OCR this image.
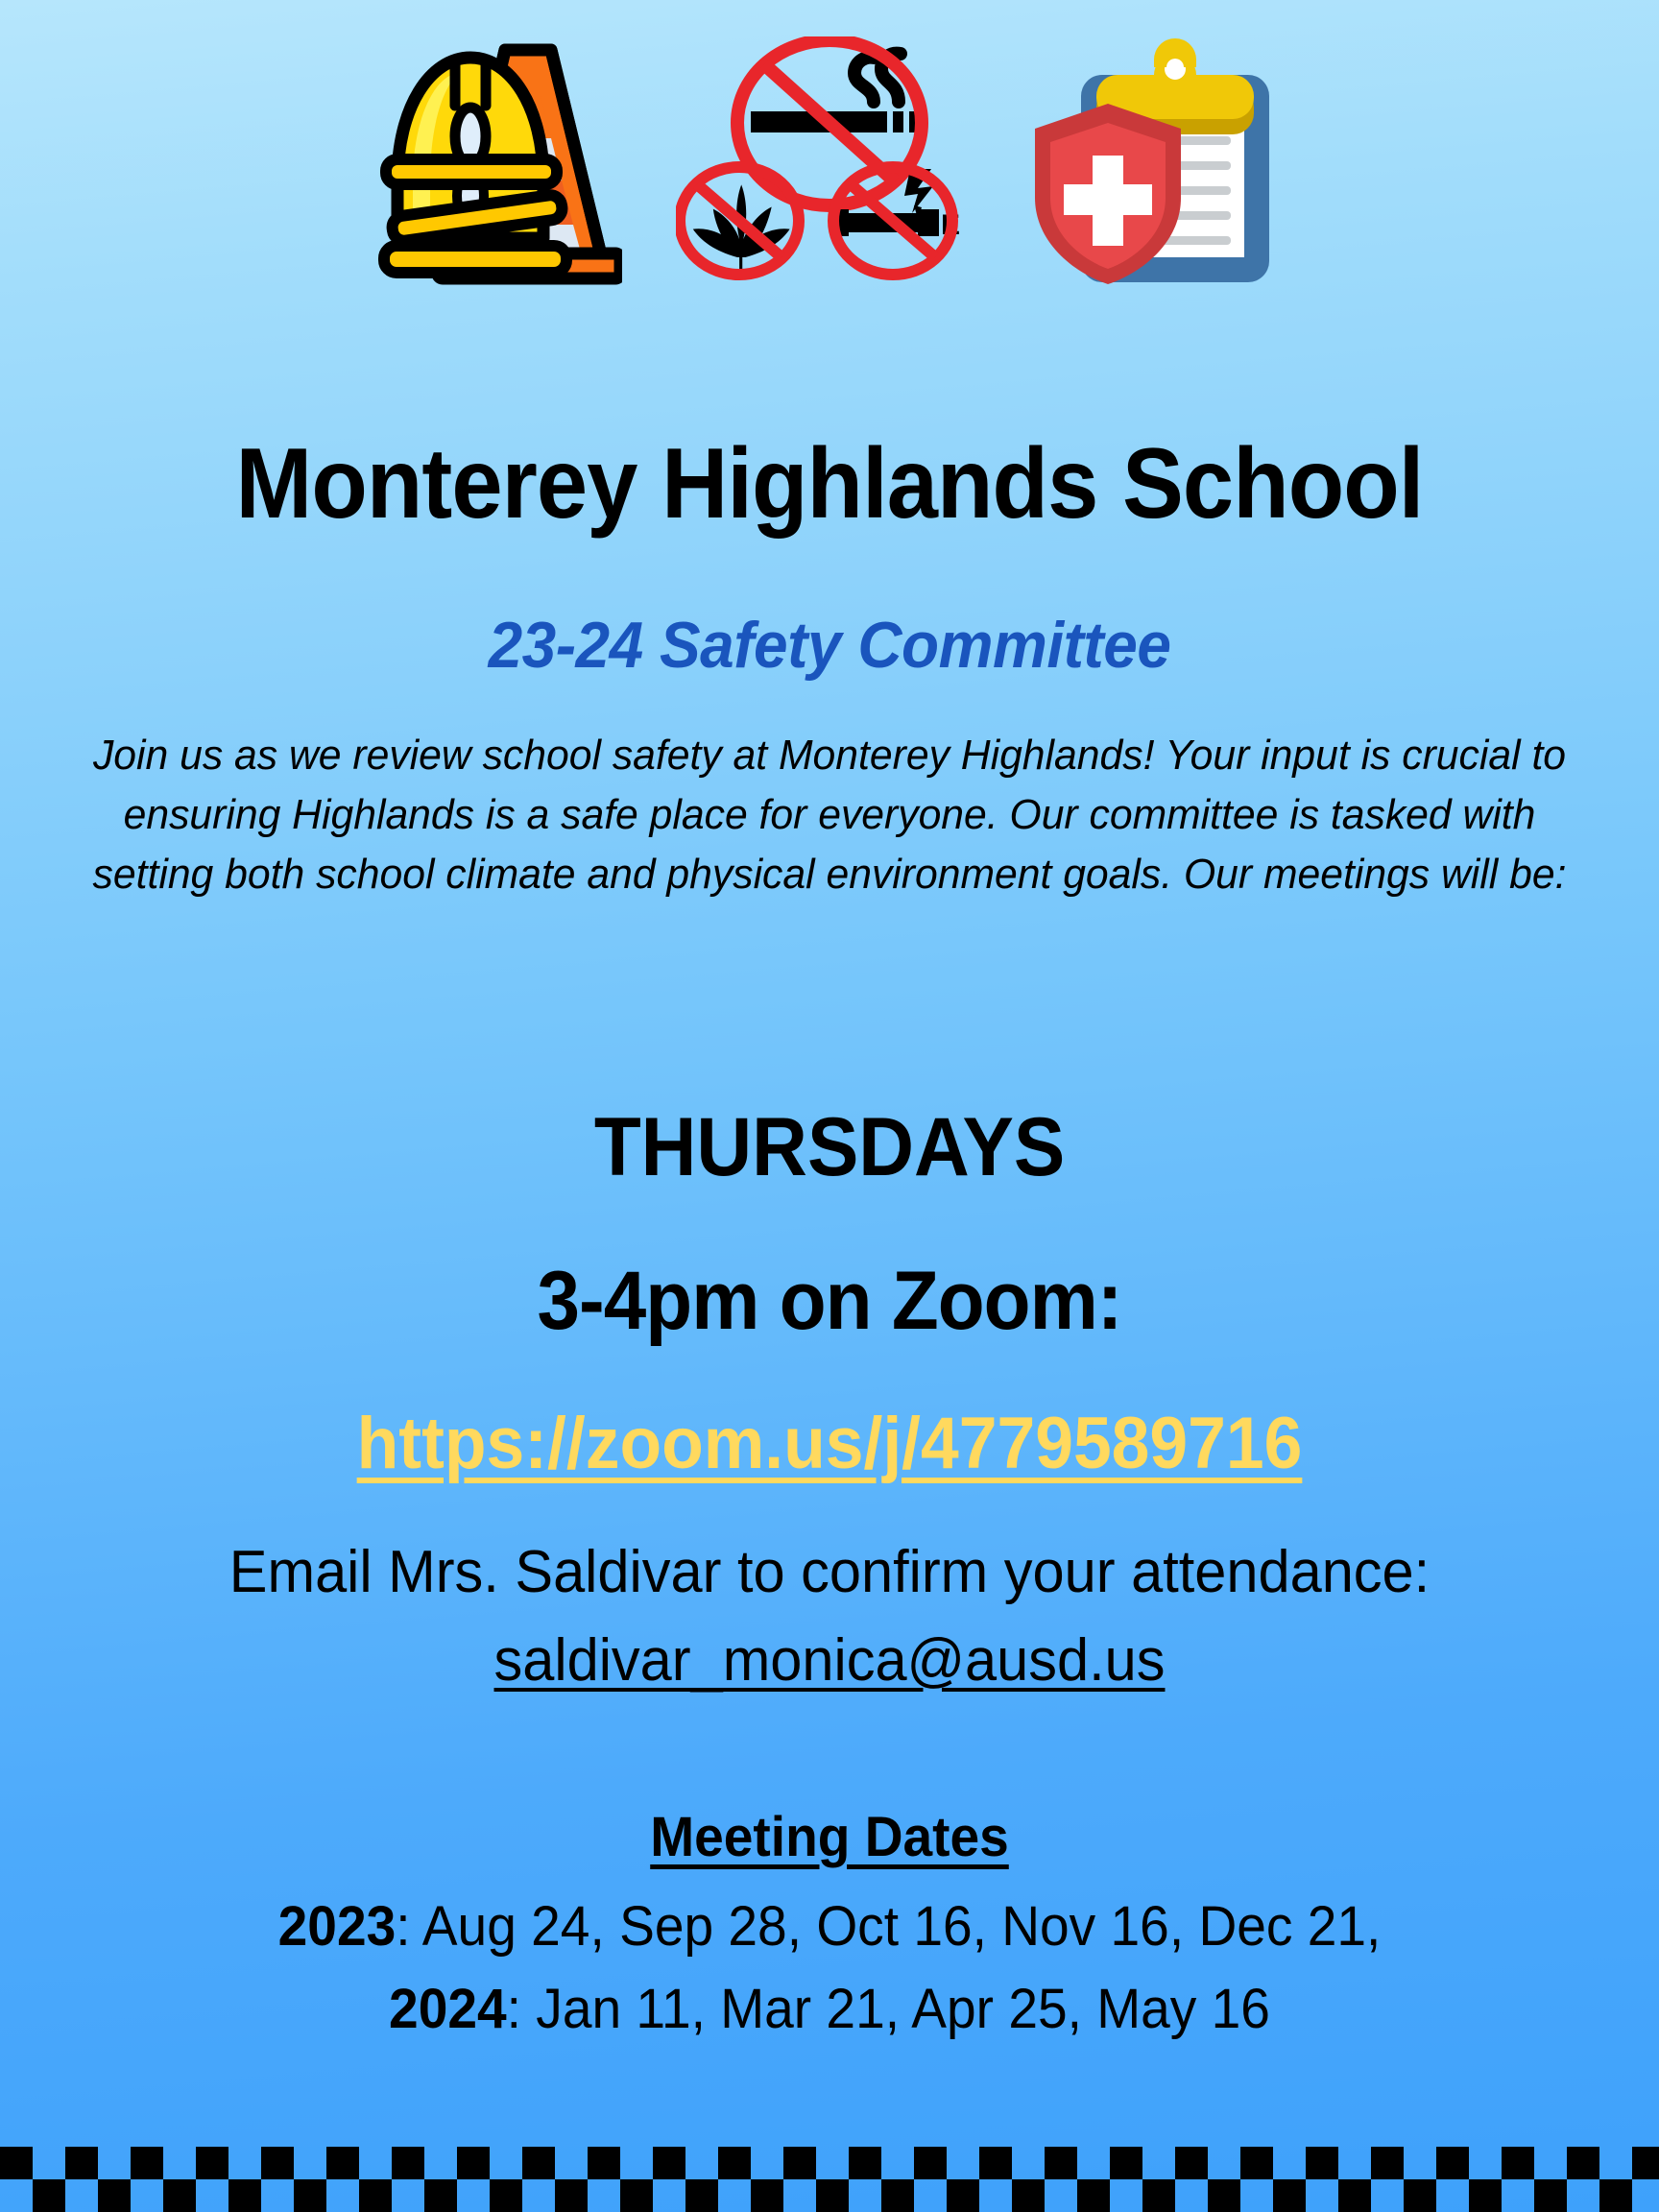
E
Monterey Highlands School
23-24 Safety Committee
Join us as we review school safety at Monterey Highlands! Your input is crucial to ensuring Highlands is a safe place for everyone. Our committee is tasked with setting both school climate and physical environment goals. Our meetings will be:
THURSDAYS
3-4pm on Zoom:
https://zoom.us/j/4779589716
Email Mrs. Saldivar to confirm your attendance: saldivar_monica@ausd.us
Meeting Dates
2023: Aug 24, Sep 28, Oct 16, Nov 16, Dec 21,
2024: Jan 11, Mar 21, Apr 25, May 16
